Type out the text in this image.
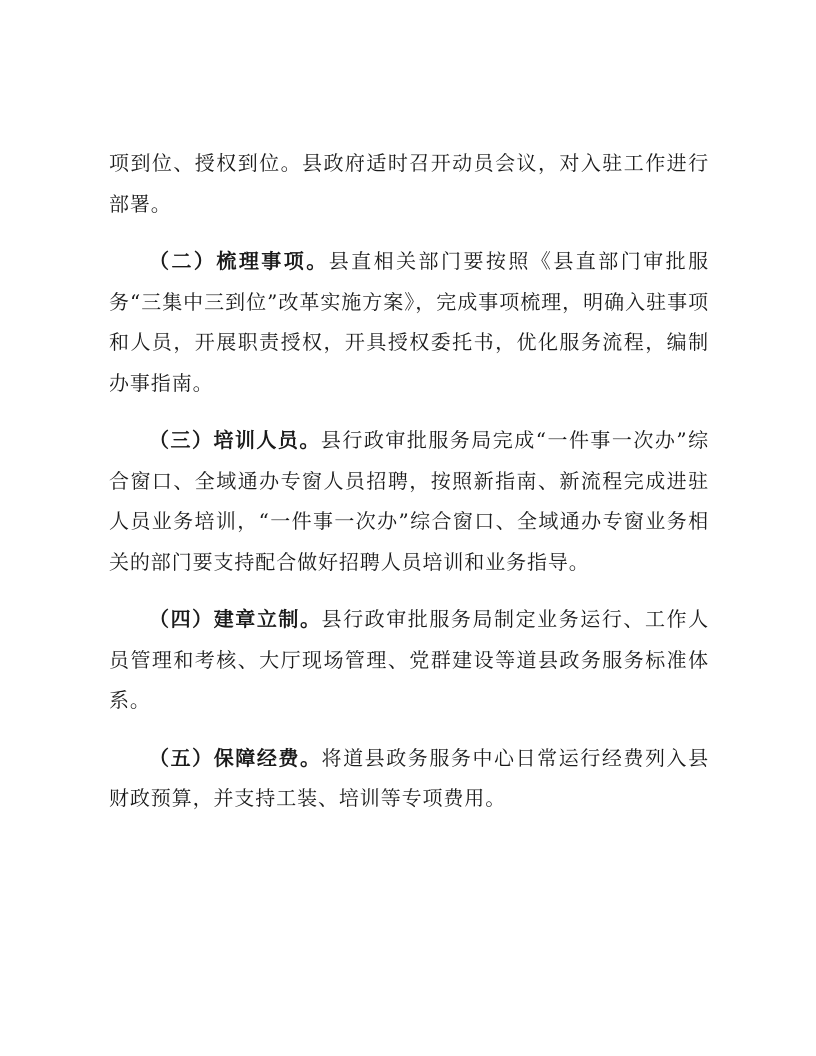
项到位、授权到位。县政府适时召开动员会议，对入驻工作进行部署。

（二）梳理事项。县直相关部门要按照《县直部门审批服务“三集中三到位”改革实施方案》，完成事项梳理，明确入驻事项和人员，开展职责授权，开具授权委托书，优化服务流程，编制办事指南。

（三）培训人员。县行政审批服务局完成“一件事一次办”综合窗口、全域通办专窗人员招聘，按照新指南、新流程完成进驻人员业务培训，“一件事一次办”综合窗口、全域通办专窗业务相关的部门要支持配合做好招聘人员培训和业务指导。

（四）建章立制。县行政审批服务局制定业务运行、工作人员管理和考核、大厅现场管理、党群建设等道县政务服务标准体系。

（五）保障经费。将道县政务服务中心日常运行经费列入县财政预算，并支持工装、培训等专项费用。
